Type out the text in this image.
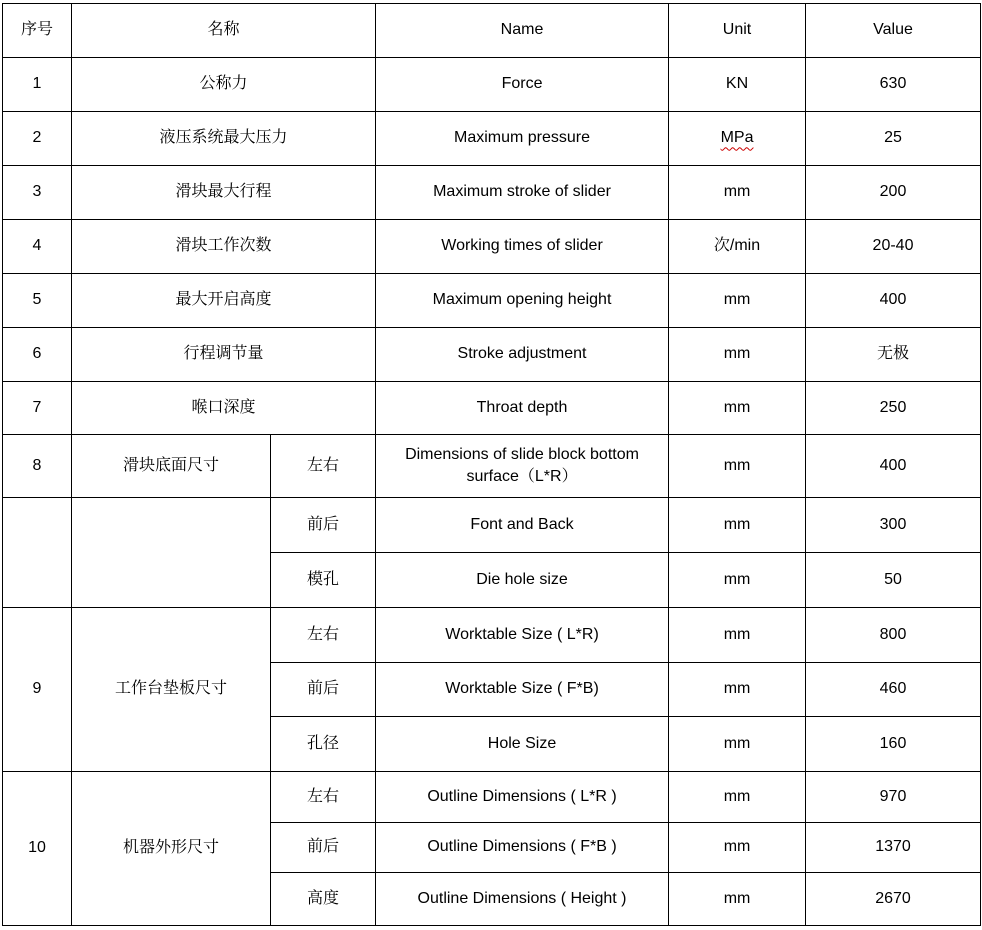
序号	名称		Name	Unit	Value
1	公称力		Force	KN	630
2	液压系统最大压力		Maximum pressure	MPa	25
3	滑块最大行程		Maximum stroke of slider	mm	200
4	滑块工作次数		Working times of slider	次/min	20-40
5	最大开启高度		Maximum opening height	mm	400
6	行程调节量		Stroke adjustment	mm	无极
7	喉口深度		Throat depth	mm	250
8	滑块底面尺寸	左右	Dimensions of slide block bottom surface（L*R）	mm	400
		前后	Font and Back	mm	300
		模孔	Die hole size	mm	50
9	工作台垫板尺寸	左右	Worktable Size ( L*R)	mm	800
		前后	Worktable Size ( F*B)	mm	460
		孔径	Hole Size	mm	160
10	机器外形尺寸	左右	Outline Dimensions ( L*R )	mm	970
		前后	Outline Dimensions ( F*B )	mm	1370
		高度	Outline Dimensions ( Height )	mm	2670
